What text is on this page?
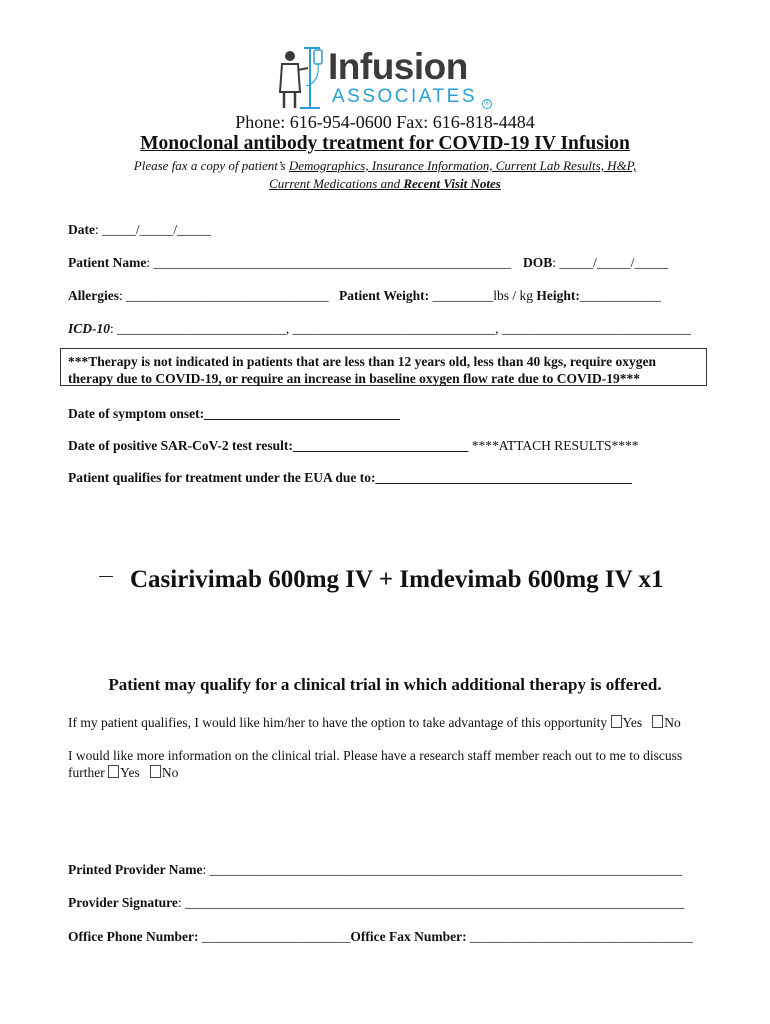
Infusion
ASSOCIATES	®
Phone: 616-954-0600 Fax: 616-818-4484
Monoclonal antibody treatment for COVID-19 IV Infusion
Please fax a copy of patient’s Demographics, Insurance Information, Current Lab Results, H&P,
Current Medications and Recent Visit Notes
Date: _____/_____/_____
Patient Name: _____________________________________________________ DOB: _____/_____/_____
Allergies: ______________________________ Patient Weight: _________lbs / kg Height:____________
ICD-10: _________________________, ______________________________, ____________________________
***Therapy is not indicated in patients that are less than 12 years old, less than 40 kgs, require oxygen therapy due to COVID-19, or require an increase in baseline oxygen flow rate due to COVID-19***
Date of symptom onset:_____________________________
Date of positive SAR-CoV-2 test result:__________________________ ****ATTACH RESULTS****
Patient qualifies for treatment under the EUA due to:______________________________________
Casirivimab 600mg IV + Imdevimab 600mg IV x1
Patient may qualify for a clinical trial in which additional therapy is offered.
If my patient qualifies, I would like him/her to have the option to take advantage of this opportunity Yes No
I would like more information on the clinical trial. Please have a research staff member reach out to me to discuss
further Yes No
Printed Provider Name: ______________________________________________________________________
Provider Signature: __________________________________________________________________________
Office Phone Number: ______________________Office Fax Number: _________________________________
